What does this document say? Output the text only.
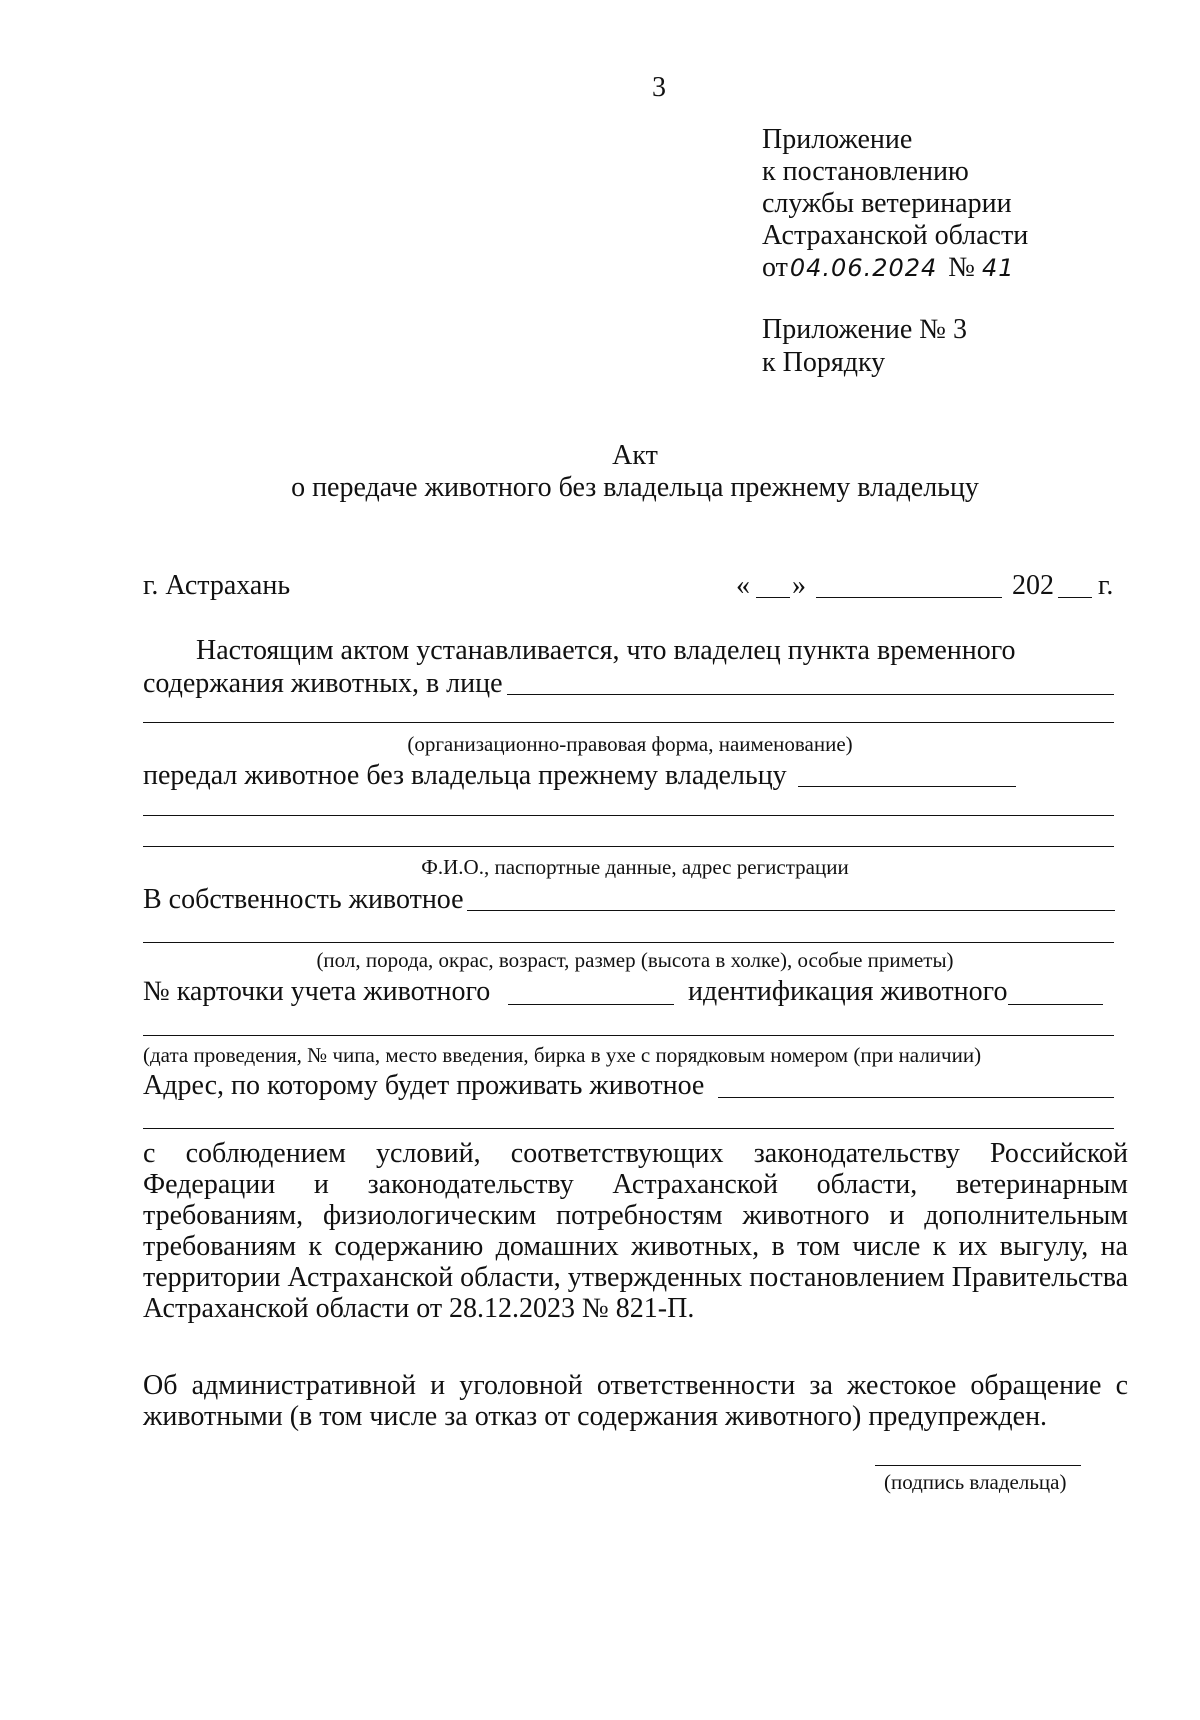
3
Приложение
к постановлению
службы ветеринарии
Астраханской области
от04.06.2024 № 41
Приложение № 3
к Порядку
Акт
о передаче животного без владельца прежнему владельцу
г. Астрахань	« »	202 г.
Настоящим актом устанавливается, что владелец пункта временного
содержания животных, в лице
(организационно-правовая форма, наименование)
передал животное без владельца прежнему владельцу
Ф.И.О., паспортные данные, адрес регистрации
В собственность животное
(пол, порода, окрас, возраст, размер (высота в холке), особые приметы)
№ карточки учета животного	идентификация животного
(дата проведения, № чипа, место введения, бирка в ухе с порядковым номером (при наличии)
Адрес, по которому будет проживать животное
с соблюдением условий, соответствующих законодательству Российской
Федерации и законодательству Астраханской области, ветеринарным
требованиям, физиологическим потребностям животного и дополнительным
требованиям к содержанию домашних животных, в том числе к их выгулу, на
территории Астраханской области, утвержденных постановлением Правительства
Астраханской области от 28.12.2023 № 821-П.
Об административной и уголовной ответственности за жестокое обращение с
животными (в том числе за отказ от содержания животного) предупрежден.
(подпись владельца)
